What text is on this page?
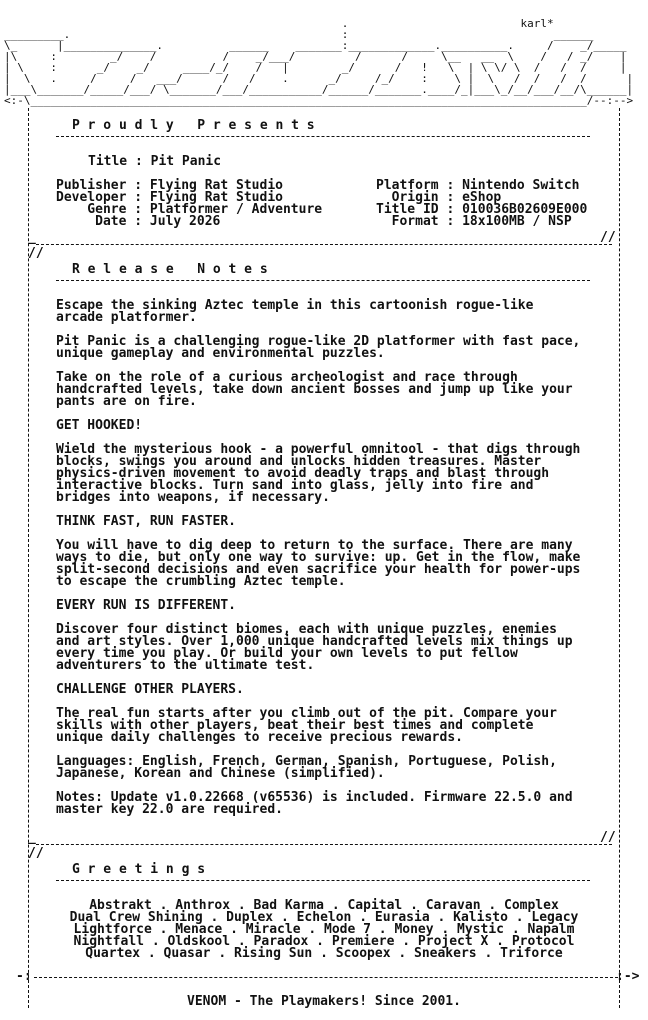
.                          karl*
_________.                                         :                               ______
\_      |______________.          ______    _______:_____________.__________.     /    _/_____
|\     :        _/    /          /    _/___/         /      /     \__   __  \    /   / _/    |
| \    :      _/    _/     ____/_/    /   |        _/      /   !   \  | \ \/ \  /   /  /     |
|  \   .     /     /   ___/      /   /    .      _/     /_/    :    \ |  \   /  /   /  /      |
|___\_______/_____/___/ \_______/___/___________/______/_______.____/_|___\_/__/___/__/\______|
<:-\____________________________________________________________________________________/--:-->
P r o u d l y   P r e s e n t s
Title : Pit Panic
Publisher : Flying Rat Studio
Developer : Flying Rat Studio
Genre : Platformer / Adventure
Date : July 2026
Platform : Nintendo Switch
Origin : eShop
Title ID : 010036B02609E000
Format : 18x100MB / NSP
_
//
//
R e l e a s e   N o t e s
Escape the sinking Aztec temple in this cartoonish rogue-like
arcade platformer.
Pit Panic is a challenging rogue-like 2D platformer with fast pace,
unique gameplay and environmental puzzles.
Take on the role of a curious archeologist and race through
handcrafted levels, take down ancient bosses and jump up like your
pants are on fire.
GET HOOKED!
Wield the mysterious hook - a powerful omnitool - that digs through
blocks, swings you around and unlocks hidden treasures. Master
physics-driven movement to avoid deadly traps and blast through
interactive blocks. Turn sand into glass, jelly into fire and
bridges into weapons, if necessary.
THINK FAST, RUN FASTER.
You will have to dig deep to return to the surface. There are many
ways to die, but only one way to survive: up. Get in the flow, make
split-second decisions and even sacrifice your health for power-ups
to escape the crumbling Aztec temple.
EVERY RUN IS DIFFERENT.
Discover four distinct biomes, each with unique puzzles, enemies
and art styles. Over 1,000 unique handcrafted levels mix things up
every time you play. Or build your own levels to put fellow
adventurers to the ultimate test.
CHALLENGE OTHER PLAYERS.
The real fun starts after you climb out of the pit. Compare your
skills with other players, beat their best times and complete
unique daily challenges to receive precious rewards.
Languages: English, French, German, Spanish, Portuguese, Polish,
Japanese, Korean and Chinese (simplified).
Notes: Update v1.0.22668 (v65536) is included. Firmware 22.5.0 and
master key 22.0 are required.
_
//
//
G r e e t i n g s
Abstrakt . Anthrox . Bad Karma . Capital . Caravan . Complex
Dual Crew Shining . Duplex . Echelon . Eurasia . Kalisto . Legacy
Lightforce . Menace . Miracle . Mode 7 . Money . Mystic . Napalm
Nightfall . Oldskool . Paradox . Premiere . Project X . Protocol
Quartex . Quasar . Rising Sun . Scoopex . Sneakers . Triforce
-:	:->
VENOM - The Playmakers! Since 2001.
